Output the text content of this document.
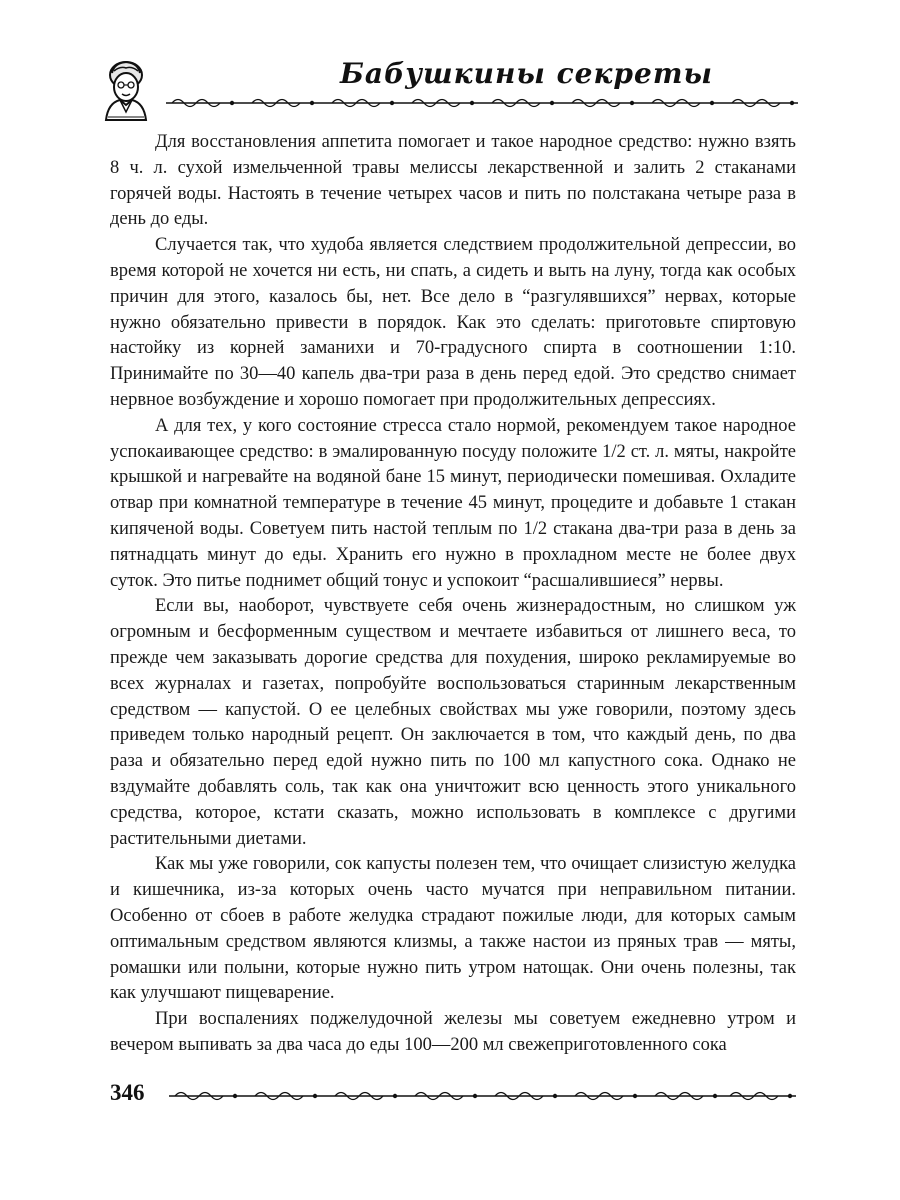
Бабушкины секреты

Для восстановления аппетита помогает и такое народное средство: нужно взять 8 ч. л. сухой измельченной травы мелиссы лекарственной и залить 2 стаканами горячей воды. Настоять в течение четырех часов и пить по полстакана четыре раза в день до еды.

Случается так, что худоба является следствием продолжительной депрессии, во время которой не хочется ни есть, ни спать, а сидеть и выть на луну, тогда как особых причин для этого, казалось бы, нет. Все дело в “разгулявшихся” нервах, которые нужно обязательно привести в порядок. Как это сделать: приготовьте спиртовую настойку из корней заманихи и 70-градусного спирта в соотношении 1:10. Принимайте по 30—40 капель два-три раза в день перед едой. Это средство снимает нервное возбуждение и хорошо помогает при продолжительных депрессиях.

А для тех, у кого состояние стресса стало нормой, рекомендуем такое народное успокаивающее средство: в эмалированную посуду положите 1/2 ст. л. мяты, накройте крышкой и нагревайте на водяной бане 15 минут, периодически помешивая. Охладите отвар при комнатной температуре в течение 45 минут, процедите и добавьте 1 стакан кипяченой воды. Советуем пить настой теплым по 1/2 стакана два-три раза в день за пятнадцать минут до еды. Хранить его нужно в прохладном месте не более двух суток. Это питье поднимет общий тонус и успокоит “расшалившиеся” нервы.

Если вы, наоборот, чувствуете себя очень жизнерадостным, но слишком уж огромным и бесформенным существом и мечтаете избавиться от лишнего веса, то прежде чем заказывать дорогие средства для похудения, широко рекламируемые во всех журналах и газетах, попробуйте воспользоваться старинным лекарственным средством — капустой. О ее целебных свойствах мы уже говорили, поэтому здесь приведем только народный рецепт. Он заключается в том, что каждый день, по два раза и обязательно перед едой нужно пить по 100 мл капустного сока. Однако не вздумайте добавлять соль, так как она уничтожит всю ценность этого уникального средства, которое, кстати сказать, можно использовать в комплексе с другими растительными диетами.

Как мы уже говорили, сок капусты полезен тем, что очищает слизистую желудка и кишечника, из-за которых очень часто мучатся при неправильном питании. Особенно от сбоев в работе желудка страдают пожилые люди, для которых самым оптимальным средством являются клизмы, а также настои из пряных трав — мяты, ромашки или полыни, которые нужно пить утром натощак. Они очень полезны, так как улучшают пищеварение.

При воспалениях поджелудочной железы мы советуем ежедневно утром и вечером выпивать за два часа до еды 100—200 мл свежеприготовленного сока

346
